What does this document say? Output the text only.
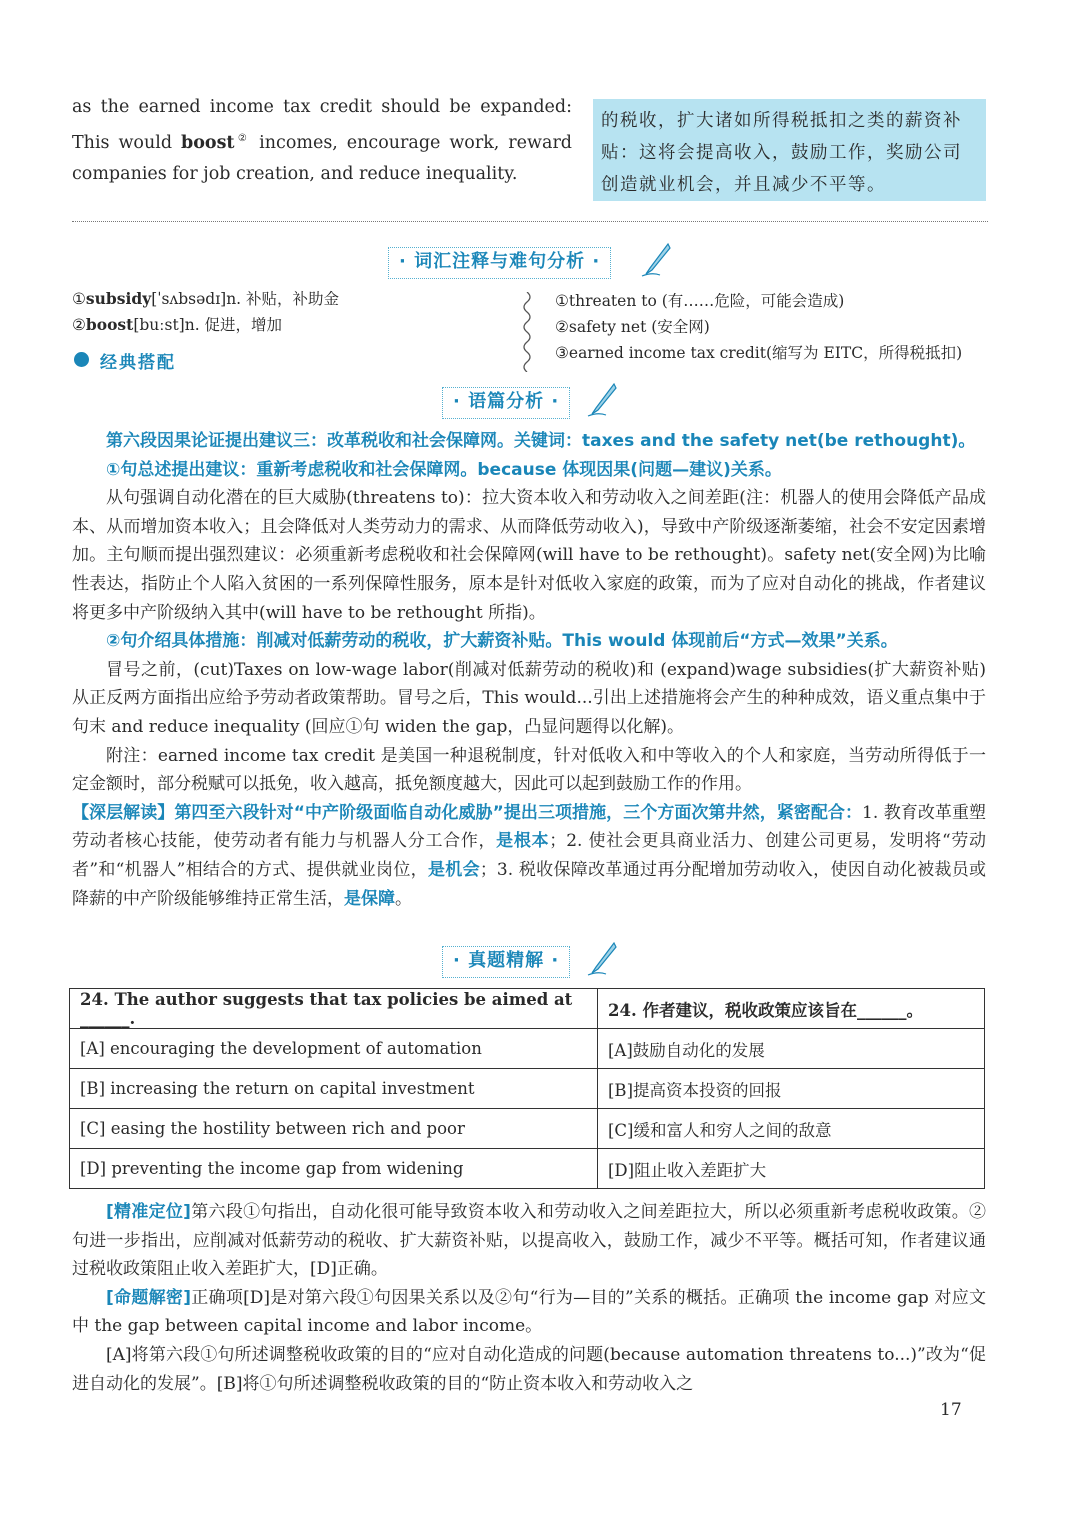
as the earned income tax credit should be expanded: This would boost② incomes, encourage work, reward companies for job creation, and reduce inequality.
的税收，扩大诸如所得税抵扣之类的薪资补贴：这将会提高收入，鼓励工作，奖励公司创造就业机会，并且减少不平等。
· 词汇注释与难句分析 ·
①subsidy[ˈsʌbsədɪ]n. 补贴，补助金
②boost[buːst]n. 促进，增加
经典搭配
①threaten to (有……危险，可能会造成)
②safety net (安全网)
③earned income tax credit(缩写为 EITC，所得税抵扣)
· 语篇分析 ·

第六段因果论证提出建议三：改革税收和社会保障网。关键词：taxes and the safety net(be rethought)。

①句总述提出建议：重新考虑税收和社会保障网。because 体现因果(问题—建议)关系。

从句强调自动化潜在的巨大威胁(threatens to)：拉大资本收入和劳动收入之间差距(注：机器人的使用会降低产品成本、从而增加资本收入；且会降低对人类劳动力的需求、从而降低劳动收入)，导致中产阶级逐渐萎缩，社会不安定因素增加。主句顺而提出强烈建议：必须重新考虑税收和社会保障网(will have to be rethought)。safety net(安全网)为比喻性表达，指防止个人陷入贫困的一系列保障性服务，原本是针对低收入家庭的政策，而为了应对自动化的挑战，作者建议将更多中产阶级纳入其中(will have to be rethought 所指)。

②句介绍具体措施：削减对低薪劳动的税收，扩大薪资补贴。This would 体现前后“方式—效果”关系。

冒号之前，(cut)Taxes on low-wage labor(削减对低薪劳动的税收)和 (expand)wage subsidies(扩大薪资补贴)从正反两方面指出应给予劳动者政策帮助。冒号之后，This would...引出上述措施将会产生的种种成效，语义重点集中于句末 and reduce inequality (回应①句 widen the gap，凸显问题得以化解)。

附注：earned income tax credit 是美国一种退税制度，针对低收入和中等收入的个人和家庭，当劳动所得低于一定金额时，部分税赋可以抵免，收入越高，抵免额度越大，因此可以起到鼓励工作的作用。

【深层解读】第四至六段针对“中产阶级面临自动化威胁”提出三项措施，三个方面次第井然，紧密配合：1. 教育改革重塑劳动者核心技能，使劳动者有能力与机器人分工合作，是根本；2. 使社会更具商业活力、创建公司更易，发明将“劳动者”和“机器人”相结合的方式、提供就业岗位，是机会；3. 税收保障改革通过再分配增加劳动收入，使因自动化被裁员或降薪的中产阶级能够维持正常生活，是保障。

· 真题精解 ·
24. The author suggests that tax policies be aimed at ______.	24. 作者建议，税收政策应该旨在______。
[A] encouraging the development of automation	[A]鼓励自动化的发展
[B] increasing the return on capital investment	[B]提高资本投资的回报
[C] easing the hostility between rich and poor	[C]缓和富人和穷人之间的敌意
[D] preventing the income gap from widening	[D]阻止收入差距扩大

[精准定位]第六段①句指出，自动化很可能导致资本收入和劳动收入之间差距拉大，所以必须重新考虑税收政策。②句进一步指出，应削减对低薪劳动的税收、扩大薪资补贴，以提高收入，鼓励工作，减少不平等。概括可知，作者建议通过税收政策阻止收入差距扩大，[D]正确。

[命题解密]正确项[D]是对第六段①句因果关系以及②句“行为—目的”关系的概括。正确项 the income gap 对应文中 the gap between capital income and labor income。

[A]将第六段①句所述调整税收政策的目的“应对自动化造成的问题(because automation threatens to...)”改为“促进自动化的发展”。[B]将①句所述调整税收政策的目的“防止资本收入和劳动收入之

17
